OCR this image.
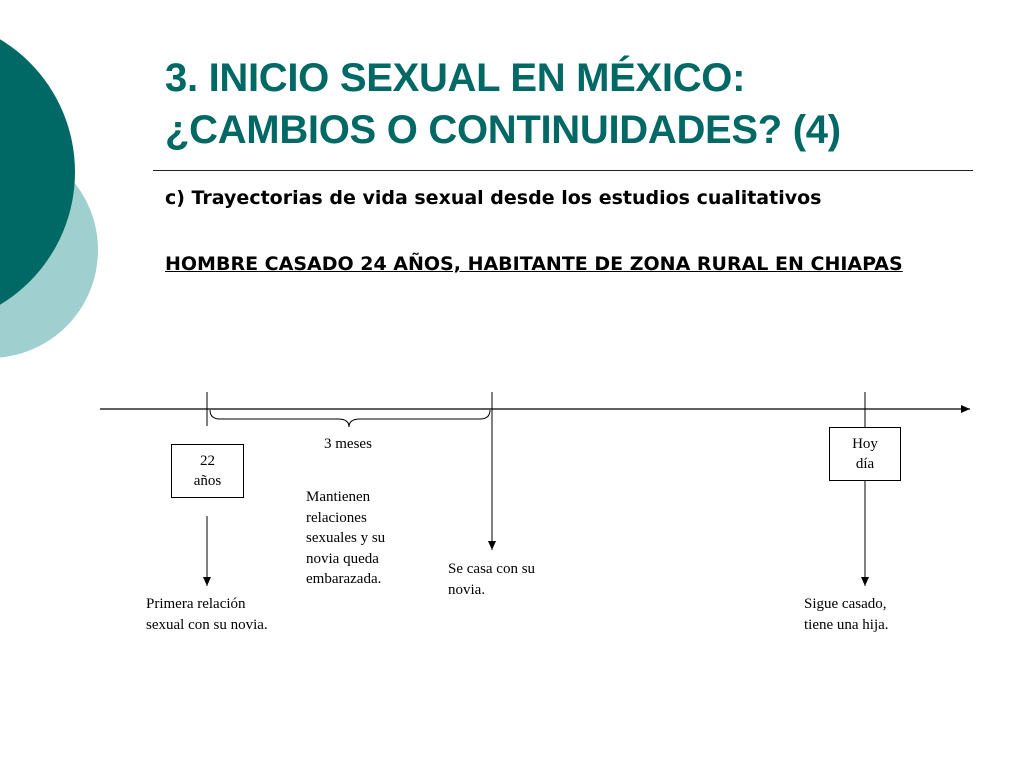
3. INICIO SEXUAL EN MÉXICO:
¿CAMBIOS O CONTINUIDADES? (4)

c) Trayectorias de vida sexual desde los estudios cualitativos

HOMBRE CASADO 24 AÑOS, HABITANTE DE ZONA RURAL EN CHIAPAS

22
años
Hoy
día

3 meses

Mantienen relaciones sexuales y su novia queda embarazada.

Se casa con su novia.

Primera relación sexual con su novia.

Sigue casado, tiene una hija.
